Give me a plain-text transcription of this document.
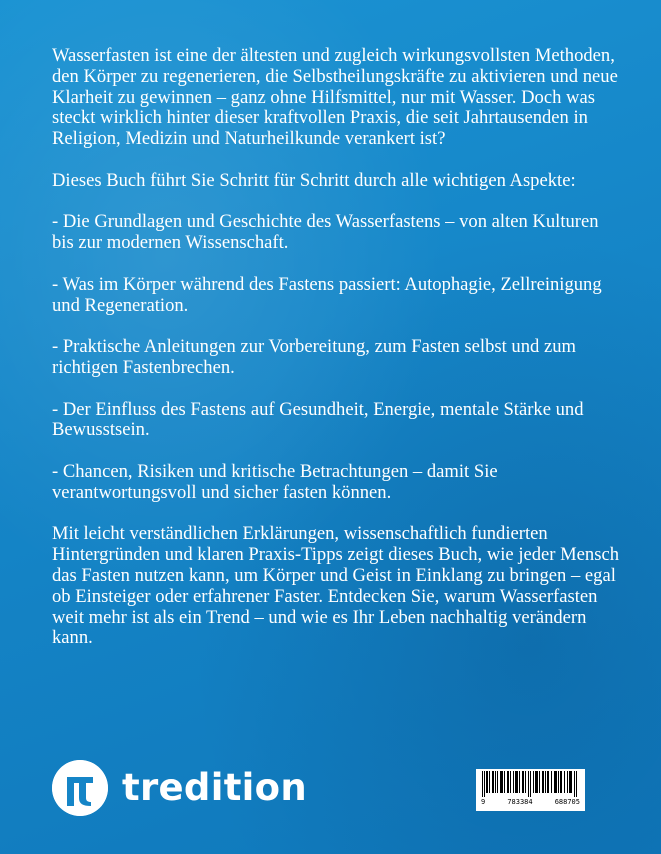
Wasserfasten ist eine der ältesten und zugleich wirkungsvollsten Methoden, den Körper zu regenerieren, die Selbstheilungskräfte zu aktivieren und neue Klarheit zu gewinnen – ganz ohne Hilfsmittel, nur mit Wasser. Doch was steckt wirklich hinter dieser kraftvollen Praxis, die seit Jahrtausenden in Religion, Medizin und Naturheilkunde verankert ist?

Dieses Buch führt Sie Schritt für Schritt durch alle wichtigen Aspekte:

- Die Grundlagen und Geschichte des Wasserfastens – von alten Kulturen bis zur modernen Wissenschaft.

- Was im Körper während des Fastens passiert: Autophagie, Zellreinigung und Regeneration.

- Praktische Anleitungen zur Vorbereitung, zum Fasten selbst und zum richtigen Fastenbrechen.

- Der Einfluss des Fastens auf Gesundheit, Energie, mentale Stärke und Bewusstsein.

- Chancen, Risiken und kritische Betrachtungen – damit Sie verantwortungsvoll und sicher fasten können.

Mit leicht verständlichen Erklärungen, wissenschaftlich fundierten Hintergründen und klaren Praxis-Tipps zeigt dieses Buch, wie jeder Mensch das Fasten nutzen kann, um Körper und Geist in Einklang zu bringen – egal ob Einsteiger oder erfahrener Faster. Entdecken Sie, warum Wasserfasten weit mehr ist als ein Trend – und wie es Ihr Leben nachhaltig verändern kann.

tredition	9	783384	688705
